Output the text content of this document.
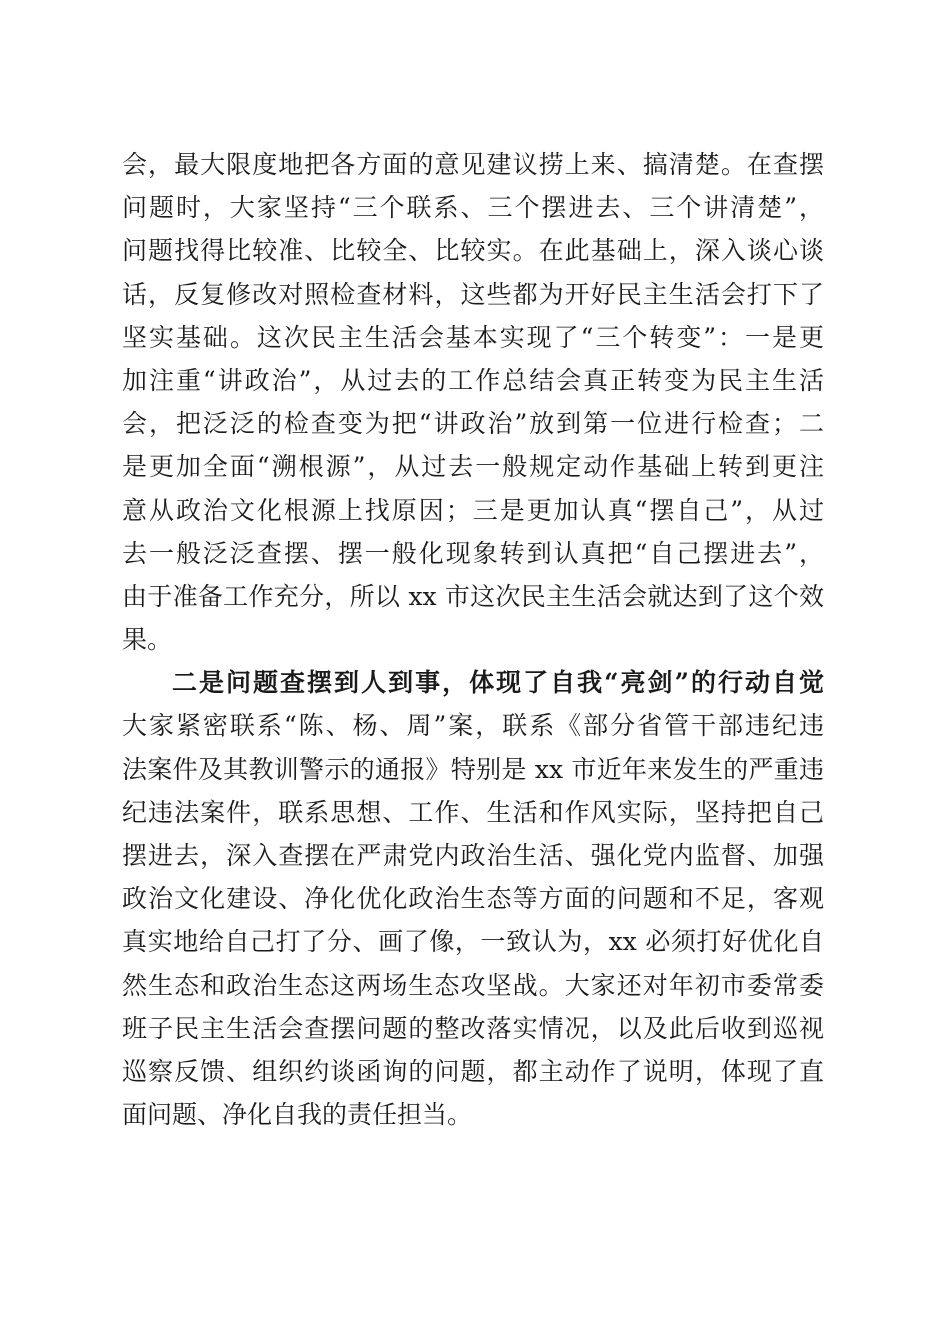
会，最大限度地把各方面的意见建议捞上来、搞清楚。在查摆
问题时，大家坚持“三个联系、三个摆进去、三个讲清楚”，
问题找得比较准、比较全、比较实。在此基础上，深入谈心谈
话，反复修改对照检查材料，这些都为开好民主生活会打下了
坚实基础。这次民主生活会基本实现了“三个转变”：一是更
加注重“讲政治”，从过去的工作总结会真正转变为民主生活
会，把泛泛的检查变为把“讲政治”放到第一位进行检查；二
是更加全面“溯根源”，从过去一般规定动作基础上转到更注
意从政治文化根源上找原因；三是更加认真“摆自己”，从过
去一般泛泛查摆、摆一般化现象转到认真把“自己摆进去”，
由于准备工作充分，所以 xx 市这次民主生活会就达到了这个效
果。
二是问题查摆到人到事，体现了自我“亮剑”的行动自觉
大家紧密联系“陈、杨、周”案，联系《部分省管干部违纪违
法案件及其教训警示的通报》特别是 xx 市近年来发生的严重违
纪违法案件，联系思想、工作、生活和作风实际，坚持把自己
摆进去，深入查摆在严肃党内政治生活、强化党内监督、加强
政治文化建设、净化优化政治生态等方面的问题和不足，客观
真实地给自己打了分、画了像，一致认为，xx 必须打好优化自
然生态和政治生态这两场生态攻坚战。大家还对年初市委常委
班子民主生活会查摆问题的整改落实情况，以及此后收到巡视
巡察反馈、组织约谈函询的问题，都主动作了说明，体现了直
面问题、净化自我的责任担当。
